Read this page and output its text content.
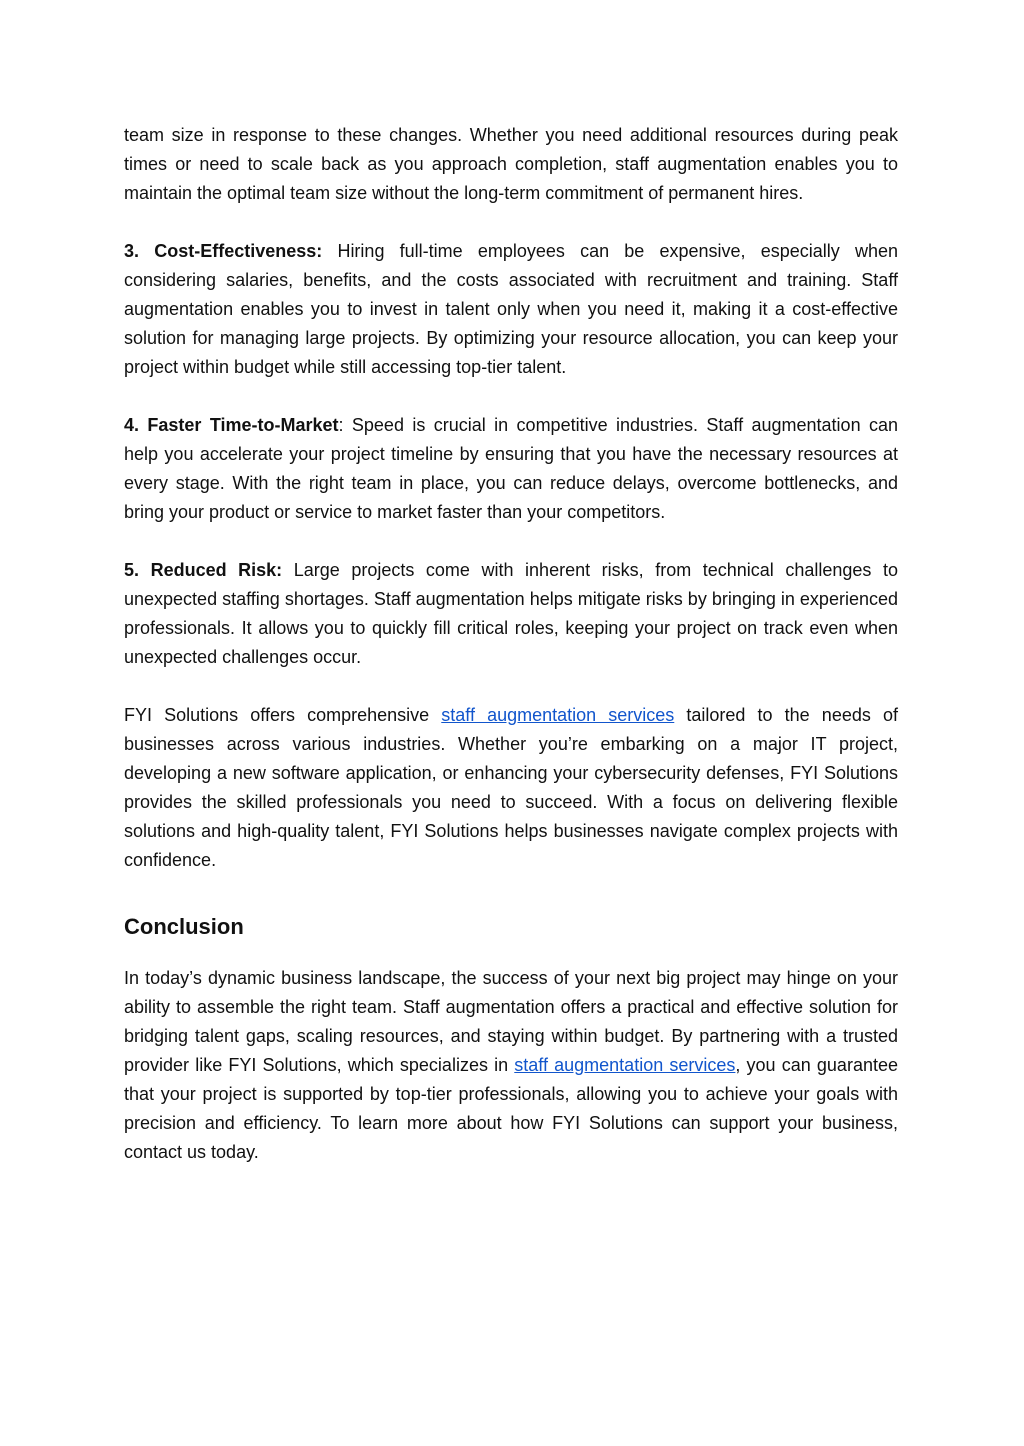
team size in response to these changes. Whether you need additional resources during peak times or need to scale back as you approach completion, staff augmentation enables you to maintain the optimal team size without the long-term commitment of permanent hires.

3. Cost-Effectiveness: Hiring full-time employees can be expensive, especially when considering salaries, benefits, and the costs associated with recruitment and training. Staff augmentation enables you to invest in talent only when you need it, making it a cost-effective solution for managing large projects. By optimizing your resource allocation, you can keep your project within budget while still accessing top-tier talent.

4. Faster Time-to-Market: Speed is crucial in competitive industries. Staff augmentation can help you accelerate your project timeline by ensuring that you have the necessary resources at every stage. With the right team in place, you can reduce delays, overcome bottlenecks, and bring your product or service to market faster than your competitors.

5. Reduced Risk: Large projects come with inherent risks, from technical challenges to unexpected staffing shortages. Staff augmentation helps mitigate risks by bringing in experienced professionals. It allows you to quickly fill critical roles, keeping your project on track even when unexpected challenges occur.

FYI Solutions offers comprehensive staff augmentation services tailored to the needs of businesses across various industries. Whether you’re embarking on a major IT project, developing a new software application, or enhancing your cybersecurity defenses, FYI Solutions provides the skilled professionals you need to succeed. With a focus on delivering flexible solutions and high-quality talent, FYI Solutions helps businesses navigate complex projects with confidence.

Conclusion

In today’s dynamic business landscape, the success of your next big project may hinge on your ability to assemble the right team. Staff augmentation offers a practical and effective solution for bridging talent gaps, scaling resources, and staying within budget. By partnering with a trusted provider like FYI Solutions, which specializes in staff augmentation services, you can guarantee that your project is supported by top-tier professionals, allowing you to achieve your goals with precision and efficiency. To learn more about how FYI Solutions can support your business, contact us today.
